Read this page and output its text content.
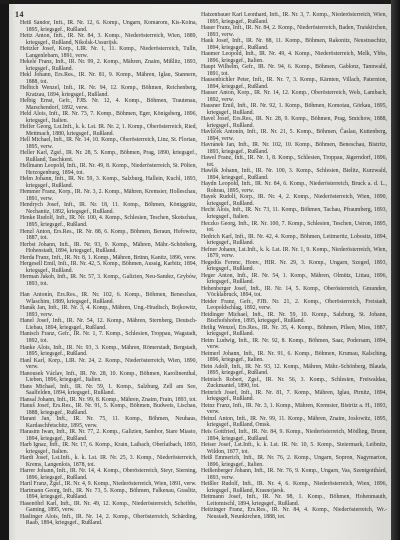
14

Heiß Sándor, Inft., IR. Nr. 12, 6. Komp., Ungarn, Komárom, Kis-Kolna, 1895, kriegsgef., Rußland.

Heitz Anton, Inft., IR. Nr. 84, 3. Komp., Niederösterreich, Wien, 1889, kriegsgef., Rußland, Nikolsk-Ussurijsk.

Heitzler Josef, Korp., LIR. Nr. 1, 11. Komp., Niederösterreich, Tulln, Langenlebarn, 1891, verw.

Hekele Franz, Inft., IR. Nr. 99, 2. Komp., Mähren, Znaim, Mißlitz, 1893, kriegsgef., Rußland.

Hekl Johann, Ers.Res., IR. Nr. 81, 9. Komp., Mähren, Iglau, Stannern, 1888, tot.

Helbich Wenzel, Inft., IR. Nr. 94, 12. Komp., Böhmen, Reichenberg, Kratzau, 1894, kriegsgef., Rußland.

Helbig Ernst, Gefr., FJB. Nr. 12, 4. Komp., Böhmen, Trautenau, Marschendorf, 1892, verw.

Held Alois, Inft., IR. Nr. 73, 7. Komp., Böhmen, Eger, Königsberg, 1896, kriegsgef., Italien.

Helfer Georg, Lst.Inft., k. k. Lst. IR. Nr. 2, 1. Komp., Oberösterreich, Ried, Mettmach, 1880, kriegsgef., Rußland.

Hell Michael, Inft., IR. Nr. 14, 10. Komp., Oberösterreich, Linz, St. Florian, 1895, verw.

Heller Karl, Zgsf., IR. Nr. 28, 5. Komp., Böhmen, Prag, 1890, kriegsgef., Rußland, Taschkent.

Hellmann Leopold, Inft., IR. Nr. 49, 8. Komp., Niederösterreich, St. Pölten, Herzogenburg, 1894, tot.

Helm Johann, Inft., IR. Nr. 59, 3. Komp., Salzburg, Hallein, Kuchl, 1893, kriegsgef., Rußland.

Hemmer Franz, Korp., IR. Nr. 3, 2. Komp., Mähren, Kremsier, Holleschau, 1891, verw.

Hendrych Josef, Inft., IR. Nr. 18, 11. Komp., Böhmen, Königgrätz, Nechanitz, 1892, kriegsgef., Rußland.

Henke Rudolf, Inft., IR. Nr. 100, 4. Komp., Schlesien, Teschen, Skotschau, 1895, kriegsgef., Rußland.

Henzl Anton, Ers.Res., IR. Nr. 88, 6. Komp., Böhmen, Beraun, Hořowitz, 1887, tot.

Herbst Johann, Inft., IR. Nr. 93, 9. Komp., Mähren, Mähr.-Schönberg, Hohenstadt, 1894, kriegsgef., Rußland.

Herda Franz, Inft., IR. Nr. 8, 1. Komp., Mähren, Brünn, Kanitz, 1896, verw.

Hergesell Emil, Inft., IR. Nr. 42, 5. Komp., Böhmen, Aussig, Karbitz, 1894, kriegsgef., Rußland.

Herman Jakob, Inft., IR. Nr. 57, 3. Komp., Galizien, Neu-Sandez, Grybów, 1893, tot.

Han Antonín, Ers.Res., IR. Nr. 102, 6. Komp., Böhmen, Beneschau, Wlaschim, 1889, kriegsgef., Rußland.

Hanák Jan, Inft., IR. Nr. 3, 4. Komp., Mähren, Ung.-Hradisch, Bojkowitz, 1893, verw.

Hanel Josef, Inft., IR. Nr. 54, 12. Komp., Mähren, Sternberg, Deutsch-Liebau, 1894, kriegsgef., Rußland.

Hanisch Franz, Gefr., IR. Nr. 1, 7. Komp., Schlesien, Troppau, Wagstadt, 1892, tot.

Hanke Alois, Inft., IR. Nr. 93, 3. Komp., Mähren, Römerstadt, Bergstadt, 1895, kriegsgef., Rußland.

Hanl Karl, Korp., LIR. Nr. 24, 2. Komp., Niederösterreich, Wien, 1890, verw.

Hanousek Václav, Inft., IR. Nr. 28, 10. Komp., Böhmen, Karolinenthal, Lieben, 1896, kriegsgef., Italien.

Hans Michael, Inft., IR. Nr. 59, 1. Komp., Salzburg, Zell am See, Saalfelden, 1894, kriegsgef., Rußland.

Hansal Johann, Inft., IR. Nr. 99, 8. Komp., Mähren, Znaim, Frain, 1893, tot.

Hanuš Josef, Ers.Res., IR. Nr. 91, 5. Komp., Böhmen, Budweis, Lischau, 1888, kriegsgef., Rußland.

Harant Jan, Inft., IR. Nr. 75, 11. Komp., Böhmen, Neuhaus, Kardaschřetschitz, 1895, verw.

Harasim Iwan, Inft., IR. Nr. 77, 2. Komp., Galizien, Sambor, Stare Miasto, 1894, kriegsgef., Rußland.

Harb Ignaz, Inft., IR. Nr. 17, 6. Komp., Krain, Laibach, Oberlaibach, 1893, kriegsgef., Italien.

Hardt Josef, Lst.Inft., k. k. Lst. IR. Nr. 25, 3. Komp., Niederösterreich, Krems, Langenlois, 1878, tot.

Harrer Johann, Inft., IR. Nr. 14, 4. Komp., Oberösterreich, Steyr, Sierning, 1896, kriegsgef., Rußland.

Hartl Franz, Zgsf., IR. Nr. 4, 9. Komp., Niederösterreich, Wien, 1891, verw.

Hartmann Georg, Inft., IR. Nr. 73, 5. Komp., Böhmen, Falkenau, Graslitz, 1894, kriegsgef., Rußland.

Hasenöhrl Karl, Inft., IR. Nr. 49, 12. Komp., Niederösterreich, Scheibbs, Gaming, 1895, verw.

Haslinger Alois, Inft., IR. Nr. 14, 2. Komp., Oberösterreich, Schärding, Raab, 1894, kriegsgef., Rußland.

Hatzenbauer Karl Leonhard, Inft., IR. Nr. 3, 7. Komp., Niederösterreich, Wien, 1895, kriegsgef., Rußland.

Hauer Franz, Inft., IR. Nr. 84, 2. Komp., Niederösterreich, Baden, Traiskirchen, 1893, verw.

Hauk Josef, Inft., IR. Nr. 88, 11. Komp., Böhmen, Rakonitz, Neustraschitz, 1894, kriegsgef., Rußland.

Haumer Leopold, Inft., IR. Nr. 49, 4. Komp., Niederösterreich, Melk, Ybbs, 1896, kriegsgef., Italien.

Haupt Wilhelm, Gefr., IR. Nr. 94, 6. Komp., Böhmen, Gablonz, Tannwald, 1891, tot.

Hausenbichler Peter, Inft., IR. Nr. 7, 3. Komp., Kärnten, Villach, Paternion, 1894, kriegsgef., Rußland.

Hauser Anton, Korp., IR. Nr. 14, 12. Komp., Oberösterreich, Wels, Lambach, 1892, verw.

Hausner Emil, Inft., IR. Nr. 92, 1. Komp., Böhmen, Komotau, Görkau, 1895, kriegsgef., Rußland.

Havel Josef, Ers.Res., IR. Nr. 28, 9. Komp., Böhmen, Prag, Smichow, 1888, kriegsgef., Rußland.

Havlíček Antonín, Inft., IR. Nr. 21, 5. Komp., Böhmen, Časlau, Kuttenberg, 1894, verw.

Havránek Jan, Inft., IR. Nr. 102, 10. Komp., Böhmen, Beneschau, Bistritz, 1893, kriegsgef., Rußland.

Hawel Franz, Inft., IR. Nr. 1, 8. Komp., Schlesien, Troppau, Jägerndorf, 1896, tot.

Hawlik Johann, Inft., IR. Nr. 100, 3. Komp., Schlesien, Bielitz, Kurzwald, 1894, kriegsgef., Rußland.

Haydn Leopold, Inft., IR. Nr. 84, 6. Komp., Niederösterreich, Bruck a. d. L., Rohrau, 1895, verw.

Hayek Rudolf, Korp., IR. Nr. 4, 2. Komp., Niederösterreich, Wien, 1890, kriegsgef., Rußland.

Hecht Alois, Inft., IR. Nr. 73, 11. Komp., Böhmen, Tachau, Pfraumberg, 1893, kriegsgef., Italien.

Heczko Georg, Inft., IR. Nr. 100, 7. Komp., Schlesien, Teschen, Ustron, 1895, tot.

Hedrich Karl, Inft., IR. Nr. 42, 4. Komp., Böhmen, Leitmeritz, Lobositz, 1894, kriegsgef., Rußland.

Hefner Johann, Lst.Inft., k. k. Lst. IR. Nr. 1, 9. Komp., Niederösterreich, Wien, 1879, verw.

Hegedűs Ferenc, Honv., HIR. Nr. 29, 3. Komp., Ungarn, Szeged, 1893, kriegsgef., Rußland.

Heger Anton, Inft., IR. Nr. 54, 1. Komp., Mähren, Olmütz, Littau, 1896, kriegsgef., Rußland.

Hehenberger Josef, Inft., IR. Nr. 14, 5. Komp., Oberösterreich, Gmunden, Vöcklabruck, 1894, tot.

Heider Franz, Gefr., FJB. Nr. 21, 2. Komp., Oberösterreich, Freistadt, Leopoldschlag, 1892, verw.

Heidinger Michael, Inft., IR. Nr. 59, 10. Komp., Salzburg, St. Johann, Bischofshofen, 1895, kriegsgef., Rußland.

Heilig Wenzel, Ers.Res., IR. Nr. 35, 4. Komp., Böhmen, Pilsen, Mies, 1887, kriegsgef., Rußland.

Heim Ludwig, Inft., IR. Nr. 92, 8. Komp., Böhmen, Saaz, Podersam, 1894, verw.

Heimerl Johann, Inft., IR. Nr. 91, 6. Komp., Böhmen, Krumau, Kalsching, 1896, kriegsgef., Italien.

Hein Adolf, Inft., IR. Nr. 93, 12. Komp., Mähren, Mähr.-Schönberg, Blauda, 1895, kriegsgef., Rußland.

Heinisch Robert, Zgsf., IR. Nr. 56, 3. Komp., Schlesien, Freiwaldau, Zuckmantel, 1890, tot.

Heinrich Josef, Inft., IR. Nr. 81, 7. Komp., Mähren, Iglau, Pirnitz, 1894, kriegsgef., Rußland.

Heinz Franz, Inft., IR. Nr. 3, 1. Komp., Mähren, Kremsier, Bistritz a. H., 1893, verw.

Heinzl Anton, Inft., IR. Nr. 99, 11. Komp., Mähren, Znaim, Joslowitz, 1895, kriegsgef., Rußland, Omsk.

Heis Gottfried, Inft., IR. Nr. 84, 9. Komp., Niederösterreich, Mödling, Brunn, 1894, kriegsgef., Rußland.

Heiser Josef, Lst.Inft., k. k. Lst. IR. Nr. 10, 5. Komp., Steiermark, Leibnitz, Wildon, 1877, tot.

Heiß Emmerich, Inft., IR. Nr. 76, 2. Komp., Ungarn, Sopron, Nagymarton, 1896, kriegsgef., Italien.

Heißenberger Johann, Inft., IR. Nr. 76, 9. Komp., Ungarn, Vas, Szentgotthárd, 1893, verw.

Heißler Rudolf, Inft., IR. Nr. 4, 6. Komp., Niederösterreich, Wien, 1896, kriegsgef., Rußland, Krasnojarsk.

Heitmann Josef, Inft., IR. Nr. 98, 1. Komp., Böhmen, Hohenmauth, Leitomischl, 1894, kriegsgef., Rußland.

Heitzinger Franz, Ers.Res., IR. Nr. 84, 4. Komp., Niederösterreich, Wr.-Neustadt, Neunkirchen, 1888, tot.
